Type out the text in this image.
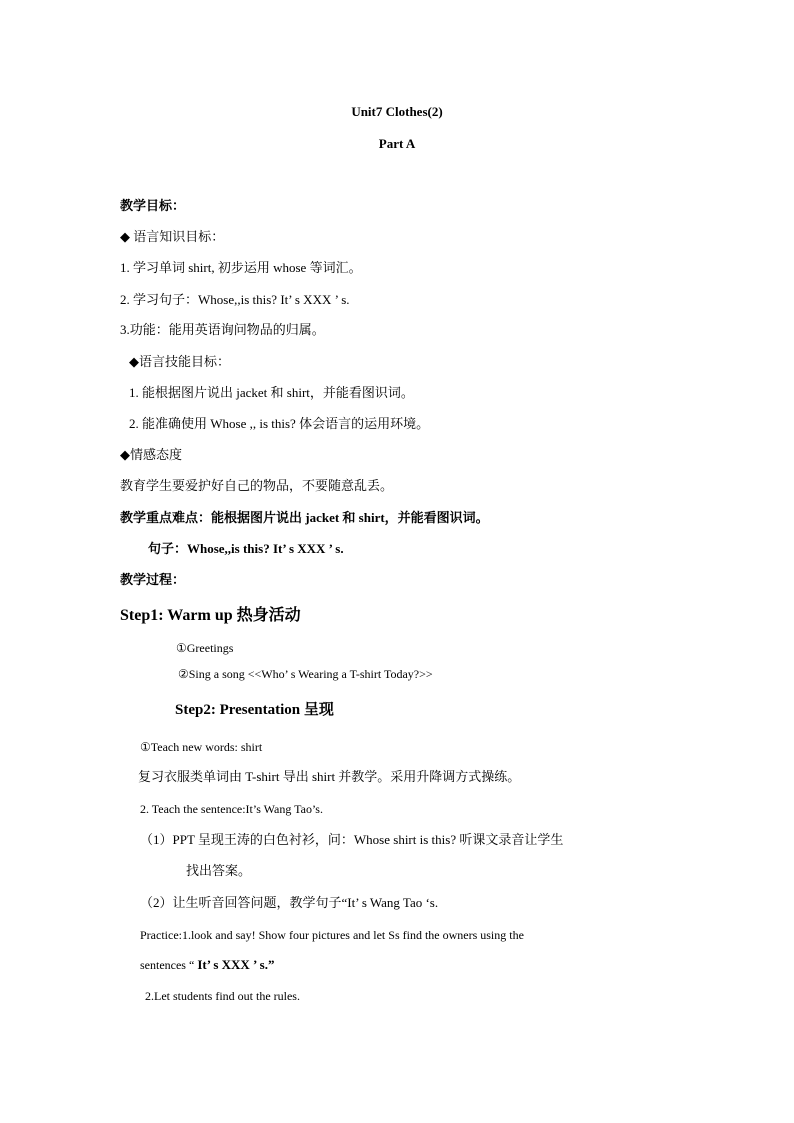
Unit7 Clothes(2)
Part A
教学目标：
◆ 语言知识目标：
1. 学习单词 shirt, 初步运用 whose 等词汇。
2. 学习句子：Whose,,is this? It’ s XXX ’ s.
3.功能：能用英语询问物品的归属。
◆语言技能目标：
1. 能根据图片说出 jacket 和 shirt，并能看图识词。
2. 能准确使用 Whose ,, is this? 体会语言的运用环境。
◆情感态度
教育学生要爱护好自己的物品，不要随意乱丢。
教学重点难点：能根据图片说出 jacket 和 shirt，并能看图识词。
句子：Whose,,is this? It’ s XXX ’ s.
教学过程：
Step1: Warm up 热身活动
①Greetings
②Sing a song <<Who’ s Wearing a T-shirt Today?>>
Step2: Presentation 呈现
①Teach new words: shirt
复习衣服类单词由 T-shirt 导出 shirt 并教学。采用升降调方式操练。
2. Teach the sentence:It’s Wang Tao’s.
（1）PPT 呈现王涛的白色衬衫，问：Whose shirt is this? 听课文录音让学生
找出答案。
（2）让生听音回答问题，教学句子“It’ s Wang Tao ‘s.
Practice:1.look and say! Show four pictures and let Ss find the owners using the
sentences “ It’ s XXX ’ s.”
2.Let students find out the rules.
